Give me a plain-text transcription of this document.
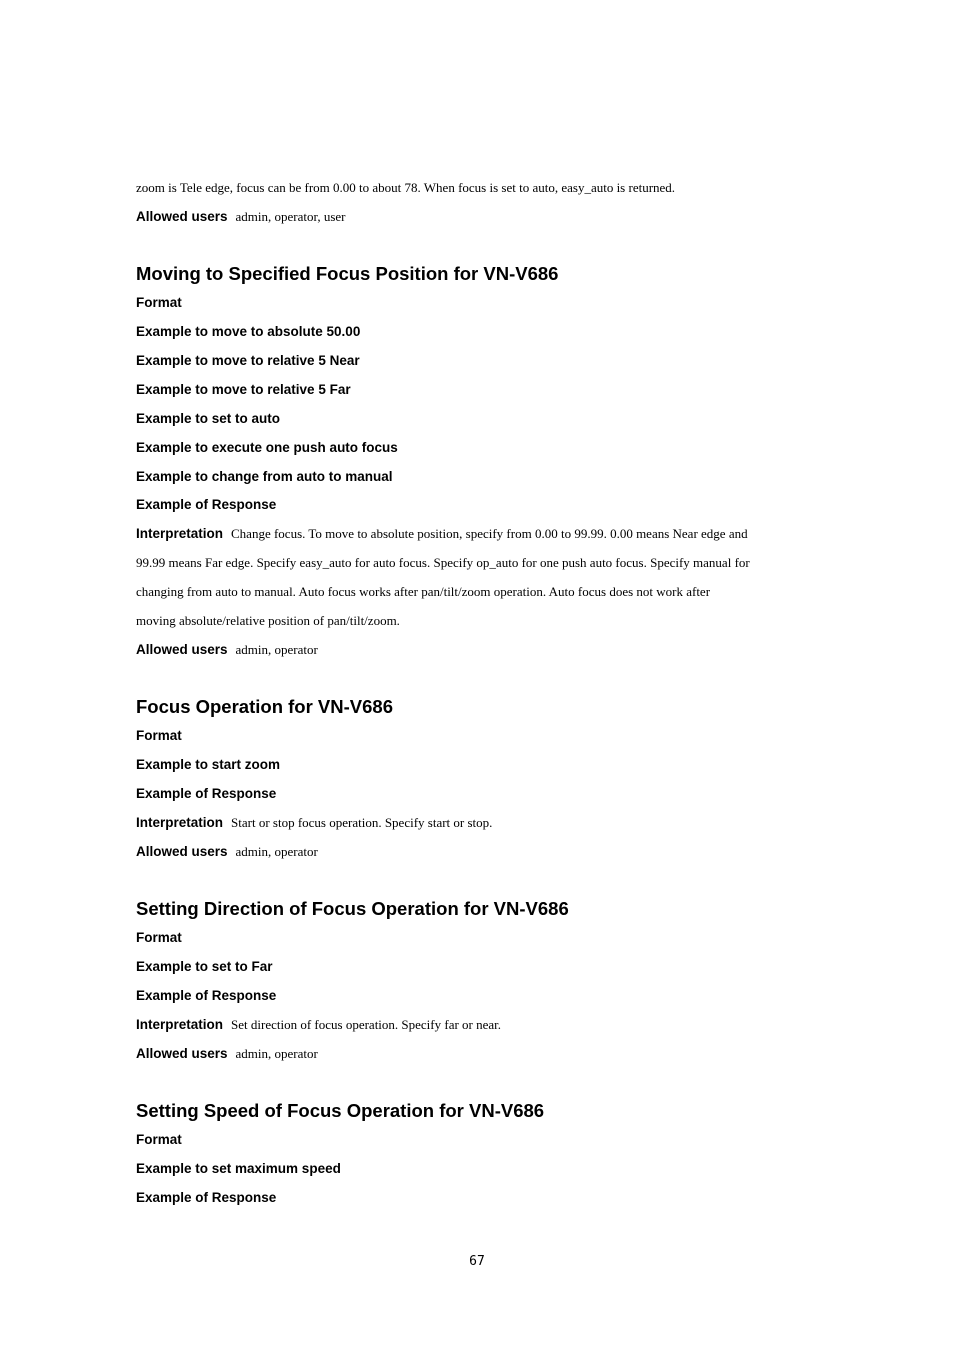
zoom is Tele edge, focus can be from 0.00 to about 78. When focus is set to auto, easy_auto is returned.
Allowed users admin, operator, user
Moving to Specified Focus Position for VN-V686
Format
Example to move to absolute 50.00
Example to move to relative 5 Near
Example to move to relative 5 Far
Example to set to auto
Example to execute one push auto focus
Example to change from auto to manual
Example of Response
Interpretation Change focus. To move to absolute position, specify from 0.00 to 99.99. 0.00 means Near edge and
99.99 means Far edge. Specify easy_auto for auto focus. Specify op_auto for one push auto focus. Specify manual for
changing from auto to manual. Auto focus works after pan/tilt/zoom operation. Auto focus does not work after
moving absolute/relative position of pan/tilt/zoom.
Allowed users admin, operator
Focus Operation for VN-V686
Format
Example to start zoom
Example of Response
Interpretation Start or stop focus operation. Specify start or stop.
Allowed users admin, operator
Setting Direction of Focus Operation for VN-V686
Format
Example to set to Far
Example of Response
Interpretation Set direction of focus operation. Specify far or near.
Allowed users admin, operator
Setting Speed of Focus Operation for VN-V686
Format
Example to set maximum speed
Example of Response
67
